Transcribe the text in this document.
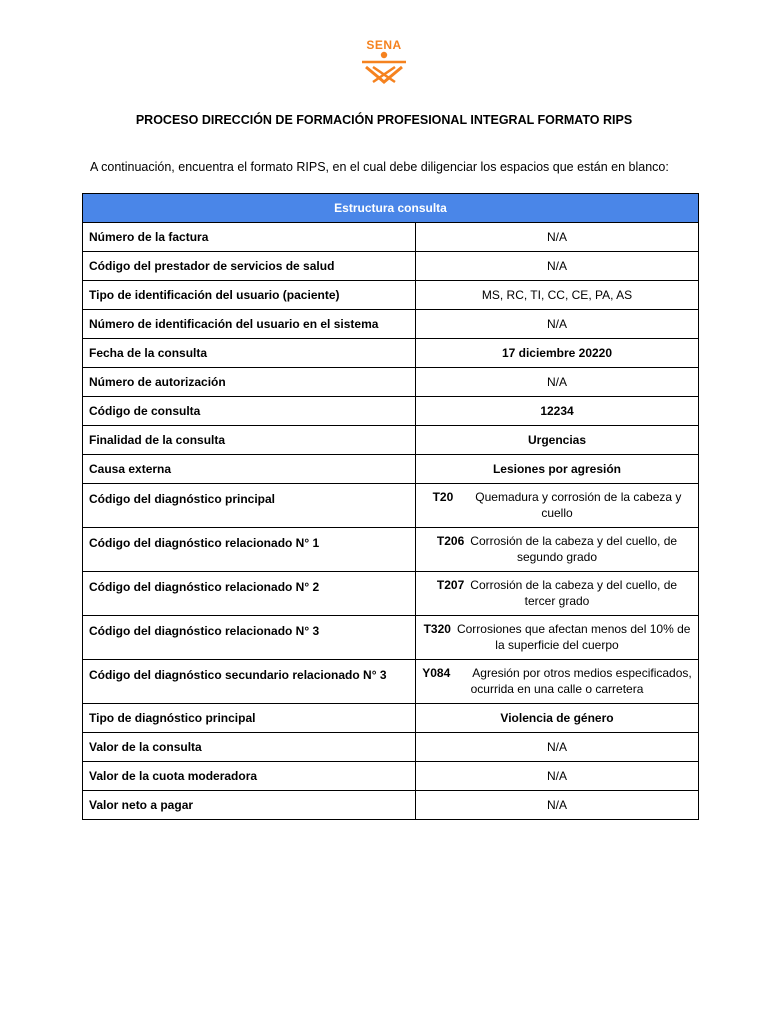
SENA
PROCESO DIRECCIÓN DE FORMACIÓN PROFESIONAL INTEGRAL FORMATO RIPS
A continuación, encuentra el formato RIPS, en el cual debe diligenciar los espacios que están en blanco:
Estructura consulta	
Número de la factura	N/A
Código del prestador de servicios de salud	N/A
Tipo de identificación del usuario (paciente)	MS, RC, TI, CC, CE, PA, AS
Número de identificación del usuario en el sistema	N/A
Fecha de la consulta	17 diciembre 20220
Número de autorización	N/A
Código de consulta	12234
Finalidad de la consulta	Urgencias
Causa externa	Lesiones por agresión
Código del diagnóstico principal	T20 Quemadura y corrosión de la cabeza y cuello
Código del diagnóstico relacionado N° 1	T206 Corrosión de la cabeza y del cuello, de segundo grado
Código del diagnóstico relacionado N° 2	T207 Corrosión de la cabeza y del cuello, de tercer grado
Código del diagnóstico relacionado N° 3	T320 Corrosiones que afectan menos del 10% de la superficie del cuerpo
Código del diagnóstico secundario relacionado N° 3	Y084 Agresión por otros medios especificados, ocurrida en una calle o carretera
Tipo de diagnóstico principal	Violencia de género
Valor de la consulta	N/A
Valor de la cuota moderadora	N/A
Valor neto a pagar	N/A
